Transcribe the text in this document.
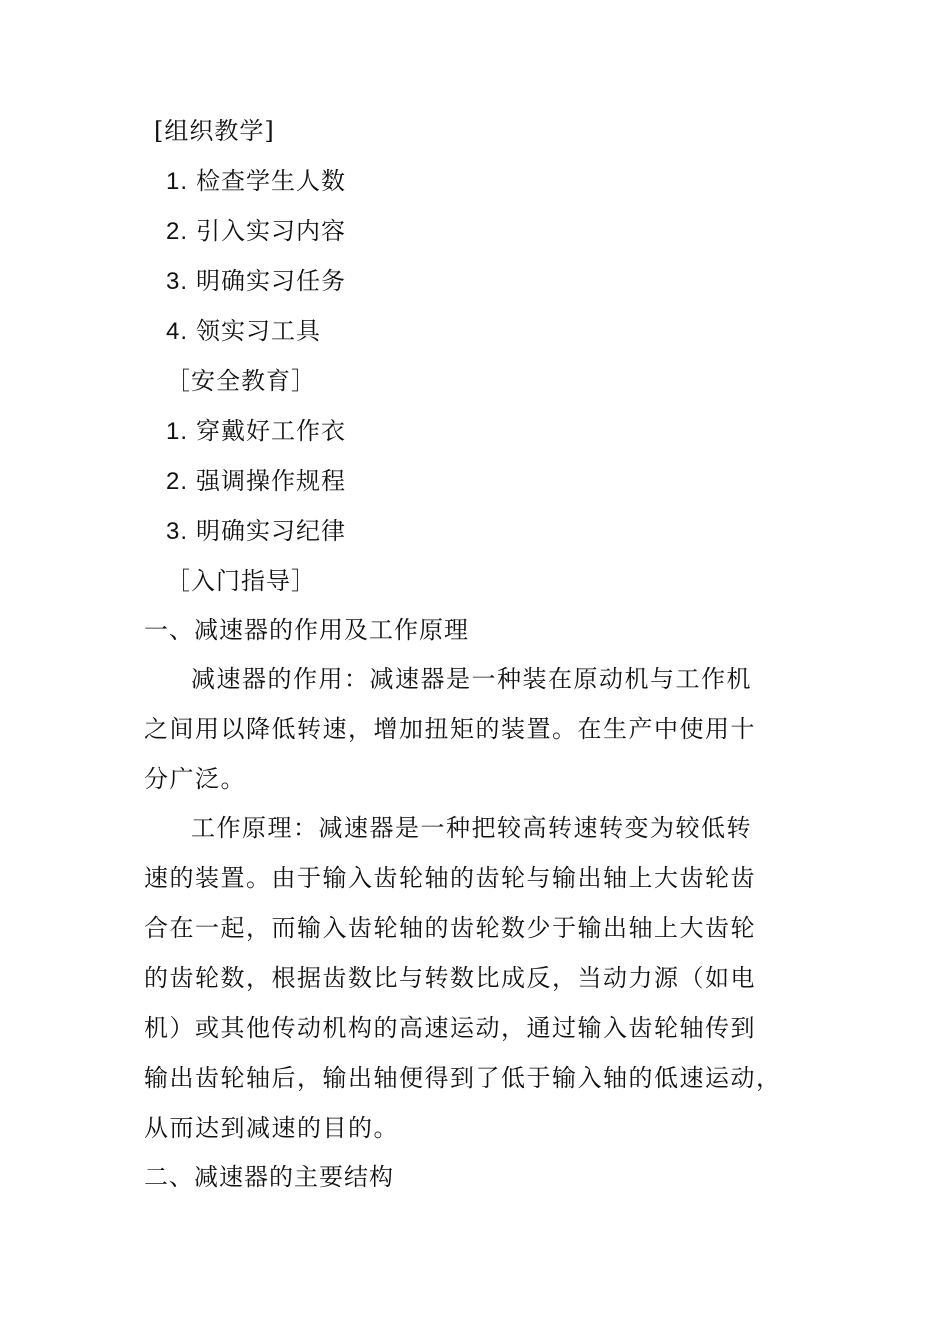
[组织教学]
1. 检查学生人数
2. 引入实习内容
3. 明确实习任务
4. 领实习工具
［安全教育］
1. 穿戴好工作衣
2. 强调操作规程
3. 明确实习纪律
［入门指导］
一、减速器的作用及工作原理
减速器的作用：减速器是一种装在原动机与工作机
之间用以降低转速，增加扭矩的装置。在生产中使用十
分广泛。
工作原理：减速器是一种把较高转速转变为较低转
速的装置。由于输入齿轮轴的齿轮与输出轴上大齿轮齿
合在一起，而输入齿轮轴的齿轮数少于输出轴上大齿轮
的齿轮数，根据齿数比与转数比成反，当动力源（如电
机）或其他传动机构的高速运动，通过输入齿轮轴传到
输出齿轮轴后，输出轴便得到了低于输入轴的低速运动，
从而达到减速的目的。
二、减速器的主要结构
